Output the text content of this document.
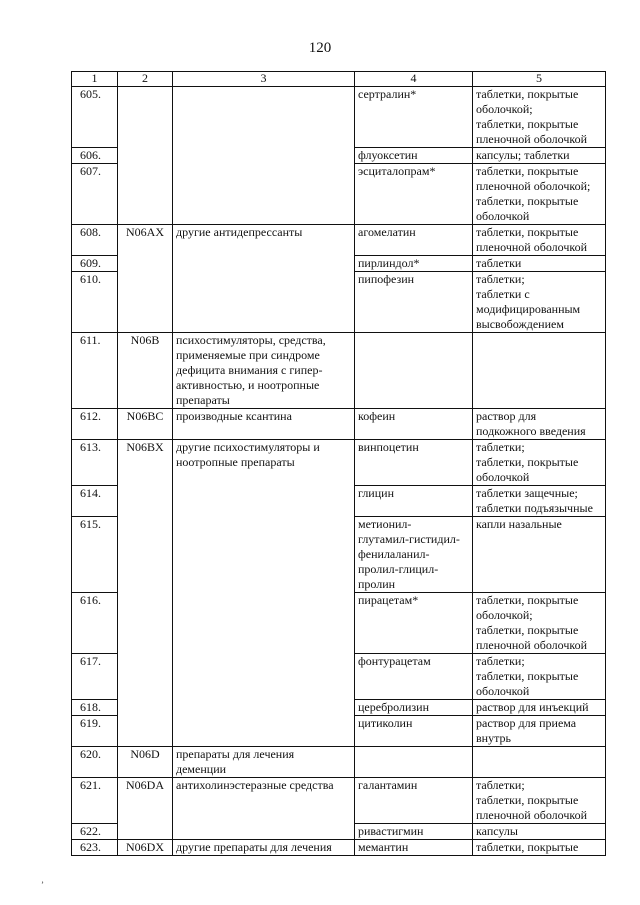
120
1	2	3	4	5
605.			сертралин*	таблетки, покрытые
оболочкой;
таблетки, покрытые
пленочной оболочкой
606.			флуоксетин	капсулы; таблетки
607.			эсциталопрам*	таблетки, покрытые
пленочной оболочкой;
таблетки, покрытые
оболочкой
608.	N06AX	другие антидепрессанты	агомелатин	таблетки, покрытые
пленочной оболочкой
609.			пирлиндол*	таблетки
610.			пипофезин	таблетки;
таблетки с
модифицированным
высвобождением
611.	N06B	психостимуляторы, средства,
применяемые при синдроме
дефицита внимания с гипер-
активностью, и ноотропные
препараты		
612.	N06BC	производные ксантина	кофеин	раствор для
подкожного введения
613.	N06BX	другие психостимуляторы и
ноотропные препараты	винпоцетин	таблетки;
таблетки, покрытые
оболочкой
614.			глицин	таблетки защечные;
таблетки подъязычные
615.			метионил-
глутамил-гистидил-
фенилаланил-
пролил-глицил-
пролин	капли назальные
616.			пирацетам*	таблетки, покрытые
оболочкой;
таблетки, покрытые
пленочной оболочкой
617.			фонтурацетам	таблетки;
таблетки, покрытые
оболочкой
618.			церебролизин	раствор для инъекций
619.			цитиколин	раствор для приема
внутрь
620.	N06D	препараты для лечения
деменции		
621.	N06DA	антихолинэстеразные средства	галантамин	таблетки;
таблетки, покрытые
пленочной оболочкой
622.			ривастигмин	капсулы
623.	N06DX	другие препараты для лечения	мемантин	таблетки, покрытые
’
